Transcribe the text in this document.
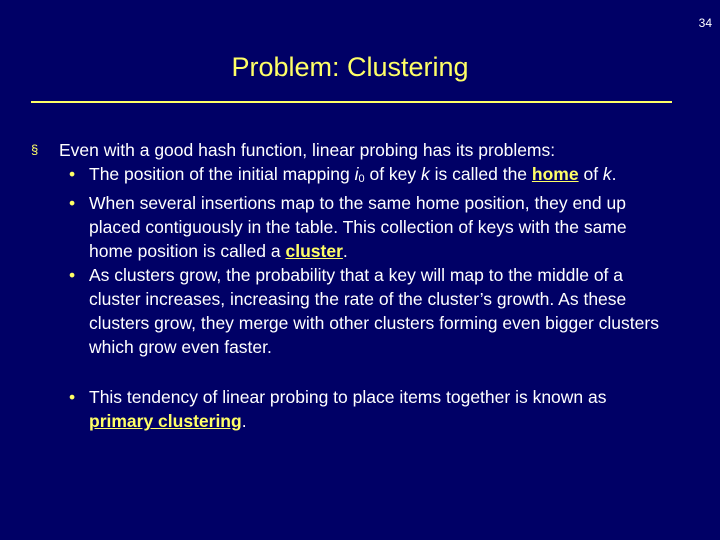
34
Problem: Clustering
§ Even with a good hash function, linear probing has its problems:
• The position of the initial mapping i0 of key k is called the home of k.
• When several insertions map to the same home position, they end up placed contiguously in the table. This collection of keys with the same home position is called a cluster.
• As clusters grow, the probability that a key will map to the middle of a cluster increases, increasing the rate of the cluster’s growth. As these clusters grow, they merge with other clusters forming even bigger clusters which grow even faster.
• This tendency of linear probing to place items together is known as primary clustering.
